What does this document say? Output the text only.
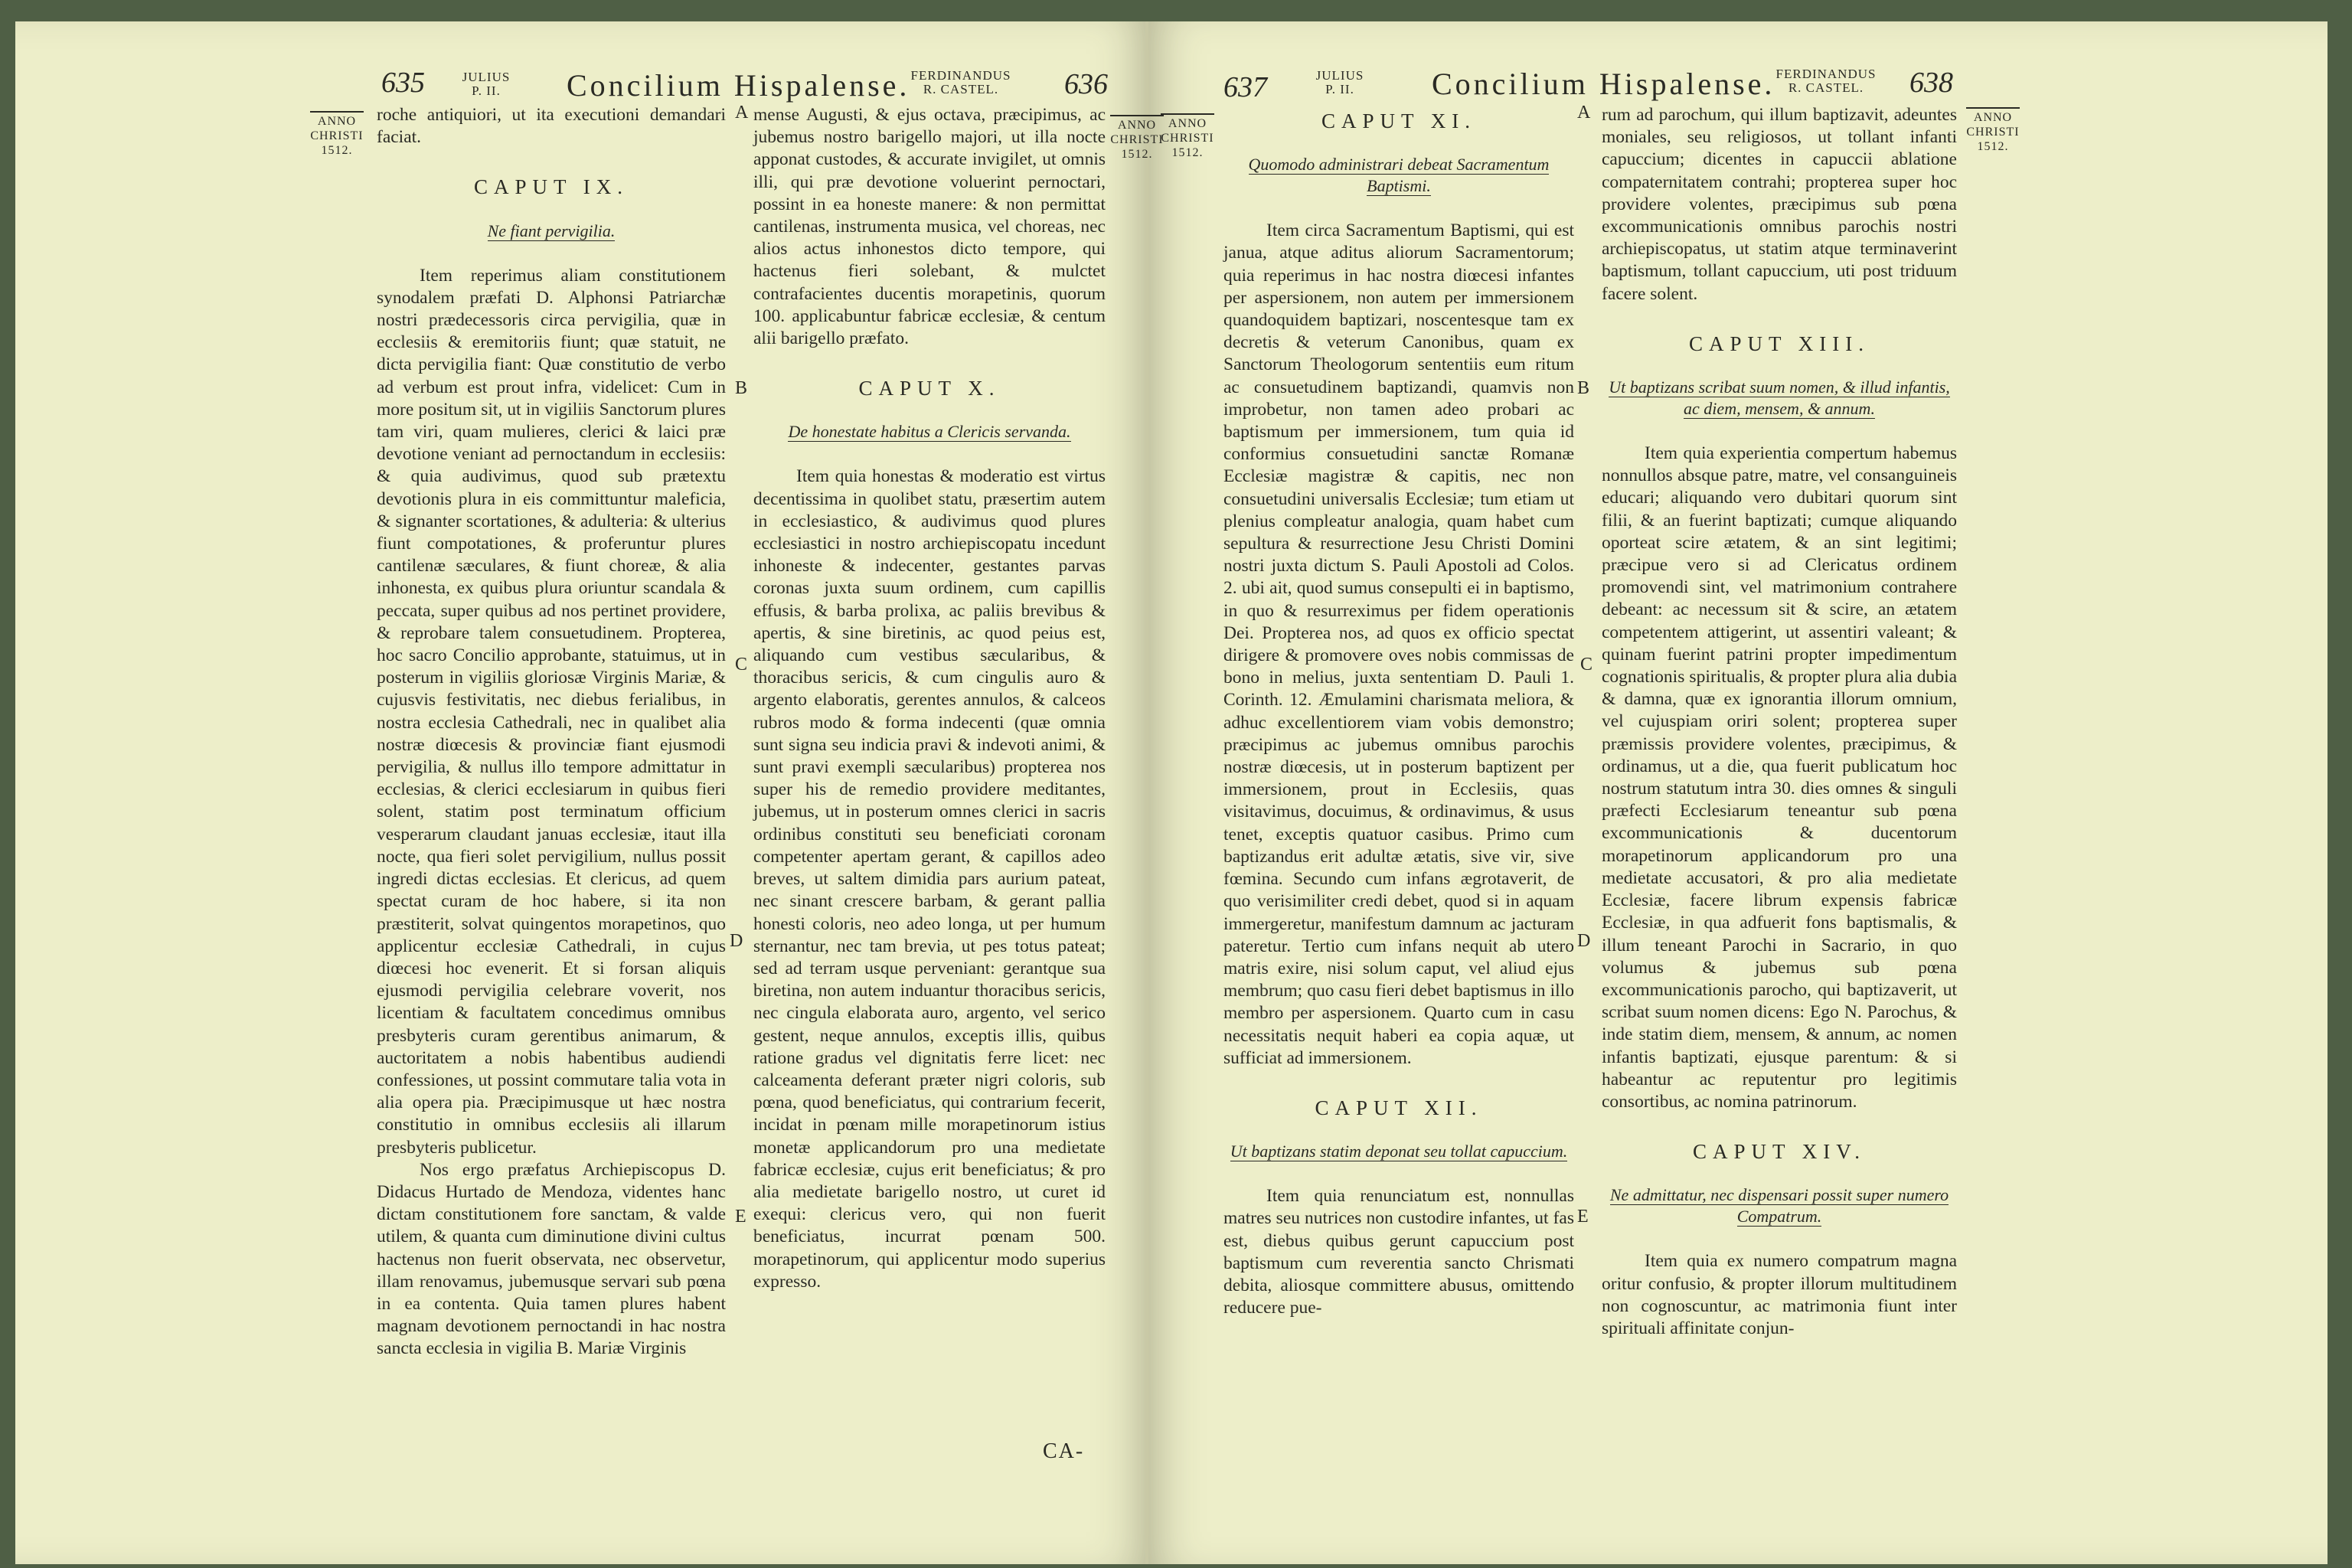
635	JULIUS
P. II.	Concilium Hispalense. FERDINANDUS
R. CASTEL.	636
ANNO
CHRISTI
1512.
ANNO
CHRISTI
1512.

roche antiquiori, ut ita executioni demandari faciat.

CAPUT IX.
Ne fiant pervigilia.

Item reperimus aliam constitutionem synodalem præfati D. Alphonsi Patriarchæ nostri prædecessoris circa pervigilia, quæ in ecclesiis & eremitoriis fiunt; quæ statuit, ne dicta pervigilia fiant: Quæ constitutio de verbo ad verbum est prout infra, videlicet: Cum in more positum sit, ut in vigiliis Sanctorum plures tam viri, quam mulieres, clerici & laici præ devotione veniant ad pernoctandum in ecclesiis: & quia audivimus, quod sub prætextu devotionis plura in eis committuntur maleficia, & signanter scortationes, & adulteria: & ulterius fiunt compotationes, & proferuntur plures cantilenæ sæculares, & fiunt choreæ, & alia inhonesta, ex quibus plura oriuntur scandala & peccata, super quibus ad nos pertinet providere, & reprobare talem consuetudinem. Propterea, hoc sacro Concilio approbante, statuimus, ut in posterum in vigiliis gloriosæ Virginis Mariæ, & cujusvis festivitatis, nec diebus ferialibus, in nostra ecclesia Cathedrali, nec in qualibet alia nostræ diœcesis & provinciæ fiant ejusmodi pervigilia, & nullus illo tempore admittatur in ecclesias, & clerici ecclesiarum in quibus fieri solent, statim post terminatum officium vesperarum claudant januas ecclesiæ, itaut illa nocte, qua fieri solet pervigilium, nullus possit ingredi dictas ecclesias. Et clericus, ad quem spectat curam de hoc habere, si ita non præstiterit, solvat quingentos morapetinos, quo applicentur ecclesiæ Cathedrali, in cujus diœcesi hoc evenerit. Et si forsan aliquis ejusmodi pervigilia celebrare voverit, nos licentiam & facultatem concedimus omnibus presbyteris curam gerentibus animarum, & auctoritatem a nobis habentibus audiendi confessiones, ut possint commutare talia vota in alia opera pia. Præcipimusque ut hæc nostra constitutio in omnibus ecclesiis ali illarum presbyteris publicetur.

Nos ergo præfatus Archiepiscopus D. Didacus Hurtado de Mendoza, videntes hanc dictam constitutionem fore sanctam, & valde utilem, & quanta cum diminutione divini cultus hactenus non fuerit observata, nec observetur, illam renovamus, jubemusque servari sub pœna in ea contenta. Quia tamen plures habent magnam devotionem pernoctandi in hac nostra sancta ecclesia in vigilia B. Mariæ Virginis

mense Augusti, & ejus octava, præcipimus, ac jubemus nostro barigello majori, ut illa nocte apponat custodes, & accurate invigilet, ut omnis illi, qui præ devotione voluerint pernoctari, possint in ea honeste manere: & non permittat cantilenas, instrumenta musica, vel choreas, nec alios actus inhonestos dicto tempore, qui hactenus fieri solebant, & mulctet contrafacientes ducentis morapetinis, quorum 100. applicabuntur fabricæ ecclesiæ, & centum alii barigello præfato.

CAPUT X.
De honestate habitus a Clericis servanda.

Item quia honestas & moderatio est virtus decentissima in quolibet statu, præsertim autem in ecclesiastico, & audivimus quod plures ecclesiastici in nostro archiepiscopatu incedunt inhoneste & indecenter, gestantes parvas coronas juxta suum ordinem, cum capillis effusis, & barba prolixa, ac paliis brevibus & apertis, & sine biretinis, ac quod peius est, aliquando cum vestibus sæcularibus, & thoracibus sericis, & cum cingulis auro & argento elaboratis, gerentes annulos, & calceos rubros modo & forma indecenti (quæ omnia sunt signa seu indicia pravi & indevoti animi, & sunt pravi exempli sæcularibus) propterea nos super his de remedio providere meditantes, jubemus, ut in posterum omnes clerici in sacris ordinibus constituti seu beneficiati coronam competenter apertam gerant, & capillos adeo breves, ut saltem dimidia pars aurium pateat, nec sinant crescere barbam, & gerant pallia honesti coloris, neo adeo longa, ut per humum sternantur, nec tam brevia, ut pes totus pateat; sed ad terram usque perveniant: gerantque sua biretina, non autem induantur thoracibus sericis, nec cingula elaborata auro, argento, vel serico gestent, neque annulos, exceptis illis, quibus ratione gradus vel dignitatis ferre licet: nec calceamenta deferant præter nigri coloris, sub pœna, quod beneficiatus, qui contrarium fecerit, incidat in pœnam mille morapetinorum istius monetæ applicandorum pro una medietate fabricæ ecclesiæ, cujus erit beneficiatus; & pro alia medietate barigello nostro, ut curet id exequi: clericus vero, qui non fuerit beneficiatus, incurrat pœnam 500. morapetinorum, qui applicentur modo superius expresso.

CA-
A
B
C
D
E
637	JULIUS
P. II.	Concilium Hispalense. FERDINANDUS
R. CASTEL.	638
ANNO
CHRISTI
1512.
ANNO
CHRISTI
1512.
CAPUT XI.
Quomodo administrari debeat Sacramentum Baptismi.

Item circa Sacramentum Baptismi, qui est janua, atque aditus aliorum Sacramentorum; quia reperimus in hac nostra diœcesi infantes per aspersionem, non autem per immersionem quandoquidem baptizari, noscentesque tam ex decretis & veterum Canonibus, quam ex Sanctorum Theologorum sententiis eum ritum ac consuetudinem baptizandi, quamvis non improbetur, non tamen adeo probari ac baptismum per immersionem, tum quia id conformius consuetudini sanctæ Romanæ Ecclesiæ magistræ & capitis, nec non consuetudini universalis Ecclesiæ; tum etiam ut plenius compleatur analogia, quam habet cum sepultura & resurrectione Jesu Christi Domini nostri juxta dictum S. Pauli Apostoli ad Colos. 2. ubi ait, quod sumus consepulti ei in baptismo, in quo & resurreximus per fidem operationis Dei. Propterea nos, ad quos ex officio spectat dirigere & promovere oves nobis commissas de bono in melius, juxta sententiam D. Pauli 1. Corinth. 12. Æmulamini charismata meliora, & adhuc excellentiorem viam vobis demonstro; præcipimus ac jubemus omnibus parochis nostræ diœcesis, ut in posterum baptizent per immersionem, prout in Ecclesiis, quas visitavimus, docuimus, & ordinavimus, & usus tenet, exceptis quatuor casibus. Primo cum baptizandus erit adultæ ætatis, sive vir, sive fœmina. Secundo cum infans ægrotaverit, de quo verisimiliter credi debet, quod si in aquam immergeretur, manifestum damnum ac jacturam pateretur. Tertio cum infans nequit ab utero matris exire, nisi solum caput, vel aliud ejus membrum; quo casu fieri debet baptismus in illo membro per aspersionem. Quarto cum in casu necessitatis nequit haberi ea copia aquæ, ut sufficiat ad immersionem.

CAPUT XII.
Ut baptizans statim deponat seu tollat capuccium.

Item quia renunciatum est, nonnullas matres seu nutrices non custodire infantes, ut fas est, diebus quibus gerunt capuccium post baptismum cum reverentia sancto Chrismati debita, aliosque committere abusus, omittendo reducere pue-

rum ad parochum, qui illum baptizavit, adeuntes moniales, seu religiosos, ut tollant infanti capuccium; dicentes in capuccii ablatione compaternitatem contrahi; propterea super hoc providere volentes, præcipimus sub pœna excommunicationis omnibus parochis nostri archiepiscopatus, ut statim atque terminaverint baptismum, tollant capuccium, uti post triduum facere solent.

CAPUT XIII.
Ut baptizans scribat suum nomen, & illud infantis, ac diem, mensem, & annum.

Item quia experientia compertum habemus nonnullos absque patre, matre, vel consanguineis educari; aliquando vero dubitari quorum sint filii, & an fuerint baptizati; cumque aliquando oporteat scire ætatem, & an sint legitimi; præcipue vero si ad Clericatus ordinem promovendi sint, vel matrimonium contrahere debeant: ac necessum sit & scire, an ætatem competentem attigerint, ut assentiri valeant; & quinam fuerint patrini propter impedimentum cognationis spiritualis, & propter plura alia dubia & damna, quæ ex ignorantia illorum omnium, vel cujuspiam oriri solent; propterea super præmissis providere volentes, præcipimus, & ordinamus, ut a die, qua fuerit publicatum hoc nostrum statutum intra 30. dies omnes & singuli præfecti Ecclesiarum teneantur sub pœna excommunicationis & ducentorum morapetinorum applicandorum pro una medietate accusatori, & pro alia medietate Ecclesiæ, facere librum expensis fabricæ Ecclesiæ, in qua adfuerit fons baptismalis, & illum teneant Parochi in Sacrario, in quo volumus & jubemus sub pœna excommunicationis parocho, qui baptizaverit, ut scribat suum nomen dicens: Ego N. Parochus, & inde statim diem, mensem, & annum, ac nomen infantis baptizati, ejusque parentum: & si habeantur ac reputentur pro legitimis consortibus, ac nomina patrinorum.

CAPUT XIV.
Ne admittatur, nec dispensari possit super numero Compatrum.

Item quia ex numero compatrum magna oritur confusio, & propter illorum multitudinem non cognoscuntur, ac matrimonia fiunt inter spirituali affinitate conjun-

A
B
C
D
E
